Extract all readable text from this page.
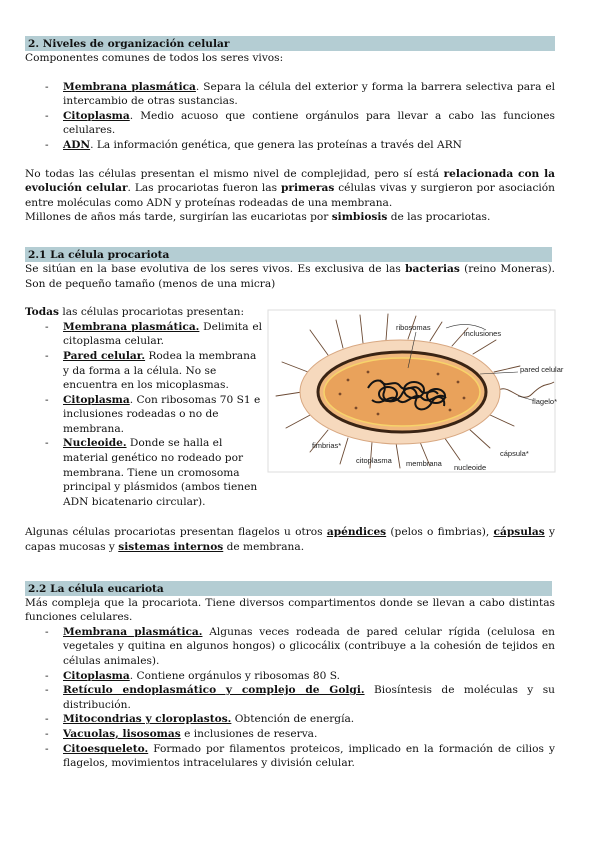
2. Niveles de organización celular

Componentes comunes de todos los seres vivos:

- Membrana plasmática. Separa la célula del exterior y forma la barrera selectiva para el intercambio de otras sustancias.
- Citoplasma. Medio acuoso que contiene orgánulos para llevar a cabo las funciones celulares.
- ADN. La información genética, que genera las proteínas a través del ARN

No todas las células presentan el mismo nivel de complejidad, pero sí está relacionada con la evolución celular. Las procariotas fueron las primeras células vivas y surgieron por asociación entre moléculas como ADN y proteínas rodeadas de una membrana.

Millones de años más tarde, surgirían las eucariotas por simbiosis de las procariotas.

2.1 La célula procariota

Se sitúan en la base evolutiva de los seres vivos. Es exclusiva de las bacterias (reino Moneras). Son de pequeño tamaño (menos de una micra)

Todas las células procariotas presentan:

- Membrana plasmática. Delimita el citoplasma celular.
- Pared celular. Rodea la membrana y da forma a la célula. No se encuentra en los micoplasmas.
- Citoplasma. Con ribosomas 70 S1 e inclusiones rodeadas o no de membrana.
- Nucleoide. Donde se halla el material genético no rodeado por membrana. Tiene un cromosoma principal y plásmidos (ambos tienen ADN bicatenario circular).

Algunas células procariotas presentan flagelos u otros apéndices (pelos o fimbrias), cápsulas y capas mucosas y sistemas internos de membrana.

2.2 La célula eucariota

Más compleja que la procariota. Tiene diversos compartimentos donde se llevan a cabo distintas funciones celulares.

- Membrana plasmática. Algunas veces rodeada de pared celular rígida (celulosa en vegetales y quitina en algunos hongos) o glicocálix (contribuye a la cohesión de tejidos en células animales).
- Citoplasma. Contiene orgánulos y ribosomas 80 S.
- Retículo endoplasmático y complejo de Golgi. Biosíntesis de moléculas y su distribución.
- Mitocondrias y cloroplastos. Obtención de energía.
- Vacuolas, lisosomas e inclusiones de reserva.
- Citoesqueleto. Formado por filamentos proteicos, implicado en la formación de cilios y flagelos, movimientos intracelulares y división celular.
ribosomas
inclusiones
pared celular
flagelo*
fimbrias*
citoplasma membrana nucleoide
cápsula*
